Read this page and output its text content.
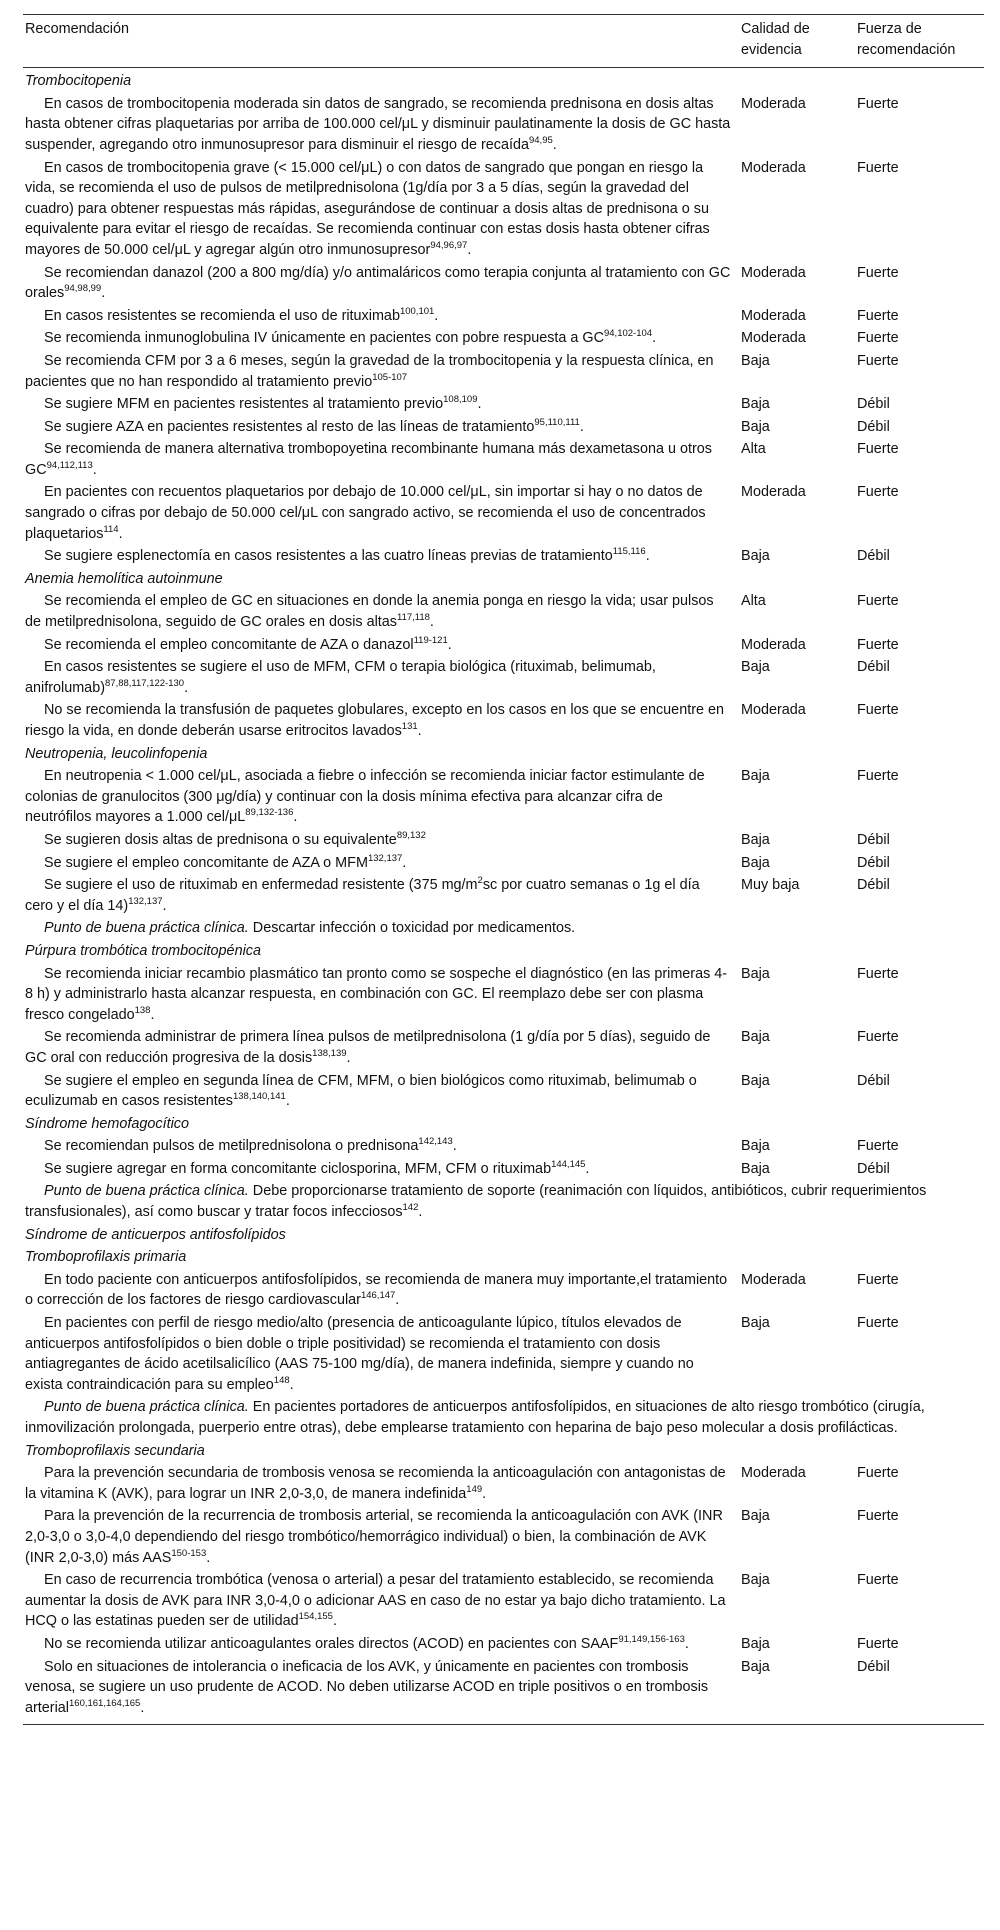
Recomendación	Calidad de evidencia	Fuerza de recomendación
Trombocitopenia		
En casos de trombocitopenia moderada sin datos de sangrado, se recomienda prednisona en dosis altas hasta obtener cifras plaquetarias por arriba de 100.000 cel/μL y disminuir paulatinamente la dosis de GC hasta suspender, agregando otro inmunosupresor para disminuir el riesgo de recaída$^{94,95}$.	Moderada	Fuerte
En casos de trombocitopenia grave (< 15.000 cel/μL) o con datos de sangrado que pongan en riesgo la vida, se recomienda el uso de pulsos de metilprednisolona (1g/día por 3 a 5 días, según la gravedad del cuadro) para obtener respuestas más rápidas, asegurándose de continuar a dosis altas de prednisona o su equivalente para evitar el riesgo de recaídas. Se recomienda continuar con estas dosis hasta obtener cifras mayores de 50.000 cel/μL y agregar algún otro inmunosupresor$^{94,96,97}$.	Moderada	Fuerte
Se recomiendan danazol (200 a 800 mg/día) y/o antimaláricos como terapia conjunta al tratamiento con GC orales$^{94,98,99}$.	Moderada	Fuerte
En casos resistentes se recomienda el uso de rituximab$^{100,101}$.	Moderada	Fuerte
Se recomienda inmunoglobulina IV únicamente en pacientes con pobre respuesta a GC$^{94,102-104}$.	Moderada	Fuerte
Se recomienda CFM por 3 a 6 meses, según la gravedad de la trombocitopenia y la respuesta clínica, en pacientes que no han respondido al tratamiento previo$^{105-107}$	Baja	Fuerte
Se sugiere MFM en pacientes resistentes al tratamiento previo$^{108,109}$.	Baja	Débil
Se sugiere AZA en pacientes resistentes al resto de las líneas de tratamiento$^{95,110,111}$.	Baja	Débil
Se recomienda de manera alternativa trombopoyetina recombinante humana más dexametasona u otros GC$^{94,112,113}$.	Alta	Fuerte
En pacientes con recuentos plaquetarios por debajo de 10.000 cel/μL, sin importar si hay o no datos de sangrado o cifras por debajo de 50.000 cel/μL con sangrado activo, se recomienda el uso de concentrados plaquetarios$^{114}$.	Moderada	Fuerte
Se sugiere esplenectomía en casos resistentes a las cuatro líneas previas de tratamiento$^{115,116}$.	Baja	Débil
Anemia hemolítica autoinmune		
Se recomienda el empleo de GC en situaciones en donde la anemia ponga en riesgo la vida; usar pulsos de metilprednisolona, seguido de GC orales en dosis altas$^{117,118}$.	Alta	Fuerte
Se recomienda el empleo concomitante de AZA o danazol$^{119-121}$.	Moderada	Fuerte
En casos resistentes se sugiere el uso de MFM, CFM o terapia biológica (rituximab, belimumab, anifrolumab)$^{87,88,117,122-130}$.	Baja	Débil
No se recomienda la transfusión de paquetes globulares, excepto en los casos en los que se encuentre en riesgo la vida, en donde deberán usarse eritrocitos lavados$^{131}$.	Moderada	Fuerte
Neutropenia, leucolinfopenia		
En neutropenia < 1.000 cel/μL, asociada a fiebre o infección se recomienda iniciar factor estimulante de colonias de granulocitos (300 μg/día) y continuar con la dosis mínima efectiva para alcanzar cifra de neutrófilos mayores a 1.000 cel/μL$^{89,132-136}$.	Baja	Fuerte
Se sugieren dosis altas de prednisona o su equivalente$^{89,132}$	Baja	Débil
Se sugiere el empleo concomitante de AZA o MFM$^{132,137}$.	Baja	Débil
Se sugiere el uso de rituximab en enfermedad resistente (375 $mg/m^2sc$ por cuatro semanas o 1g el día cero y el día 14)$^{132,137}$.	Muy baja	Débil
Punto de buena práctica clínica. Descartar infección o toxicidad por medicamentos.		
Púrpura trombótica trombocitopénica		
Se recomienda iniciar recambio plasmático tan pronto como se sospeche el diagnóstico (en las primeras 4-8 h) y administrarlo hasta alcanzar respuesta, en combinación con GC. El reemplazo debe ser con plasma fresco congelado$^{138}$.	Baja	Fuerte
Se recomienda administrar de primera línea pulsos de metilprednisolona (1 g/día por 5 días), seguido de GC oral con reducción progresiva de la dosis$^{138,139}$.	Baja	Fuerte
Se sugiere el empleo en segunda línea de CFM, MFM, o bien biológicos como rituximab, belimumab o eculizumab en casos resistentes$^{138,140,141}$.	Baja	Débil
Síndrome hemofagocítico		
Se recomiendan pulsos de metilprednisolona o prednisona$^{142,143}$.	Baja	Fuerte
Se sugiere agregar en forma concomitante ciclosporina, MFM, CFM o rituximab$^{144,145}$.	Baja	Débil
Punto de buena práctica clínica. Debe proporcionarse tratamiento de soporte (reanimación con líquidos, antibióticos, cubrir requerimientos transfusionales), así como buscar y tratar focos infecciosos$^{142}$.		
Síndrome de anticuerpos antifosfolípidos		
Tromboprofilaxis primaria		
En todo paciente con anticuerpos antifosfolípidos, se recomienda de manera muy importante,el tratamiento o corrección de los factores de riesgo cardiovascular$^{146,147}$.	Moderada	Fuerte
En pacientes con perfil de riesgo medio/alto (presencia de anticoagulante lúpico, títulos elevados de anticuerpos antifosfolípidos o bien doble o triple positividad) se recomienda el tratamiento con dosis antiagregantes de ácido acetilsalicílico (AAS 75-100 mg/día), de manera indefinida, siempre y cuando no exista contraindicación para su empleo$^{148}$.	Baja	Fuerte
Punto de buena práctica clínica. En pacientes portadores de anticuerpos antifosfolípidos, en situaciones de alto riesgo trombótico (cirugía, inmovilización prolongada, puerperio entre otras), debe emplearse tratamiento con heparina de bajo peso molecular a dosis profilácticas.		
Tromboprofilaxis secundaria		
Para la prevención secundaria de trombosis venosa se recomienda la anticoagulación con antagonistas de la vitamina K (AVK), para lograr un INR 2,0-3,0, de manera indefinida$^{149}$.	Moderada	Fuerte
Para la prevención de la recurrencia de trombosis arterial, se recomienda la anticoagulación con AVK (INR 2,0-3,0 o 3,0-4,0 dependiendo del riesgo trombótico/hemorrágico individual) o bien, la combinación de AVK (INR 2,0-3,0) más AAS$^{150-153}$.	Baja	Fuerte
En caso de recurrencia trombótica (venosa o arterial) a pesar del tratamiento establecido, se recomienda aumentar la dosis de AVK para INR 3,0-4,0 o adicionar AAS en caso de no estar ya bajo dicho tratamiento. La HCQ o las estatinas pueden ser de utilidad$^{154,155}$.	Baja	Fuerte
No se recomienda utilizar anticoagulantes orales directos (ACOD) en pacientes con SAAF$^{91,149,156-163}$.	Baja	Fuerte
Solo en situaciones de intolerancia o ineficacia de los AVK, y únicamente en pacientes con trombosis venosa, se sugiere un uso prudente de ACOD. No deben utilizarse ACOD en triple positivos o en trombosis arterial$^{160,161,164,165}$.	Baja	Débil
